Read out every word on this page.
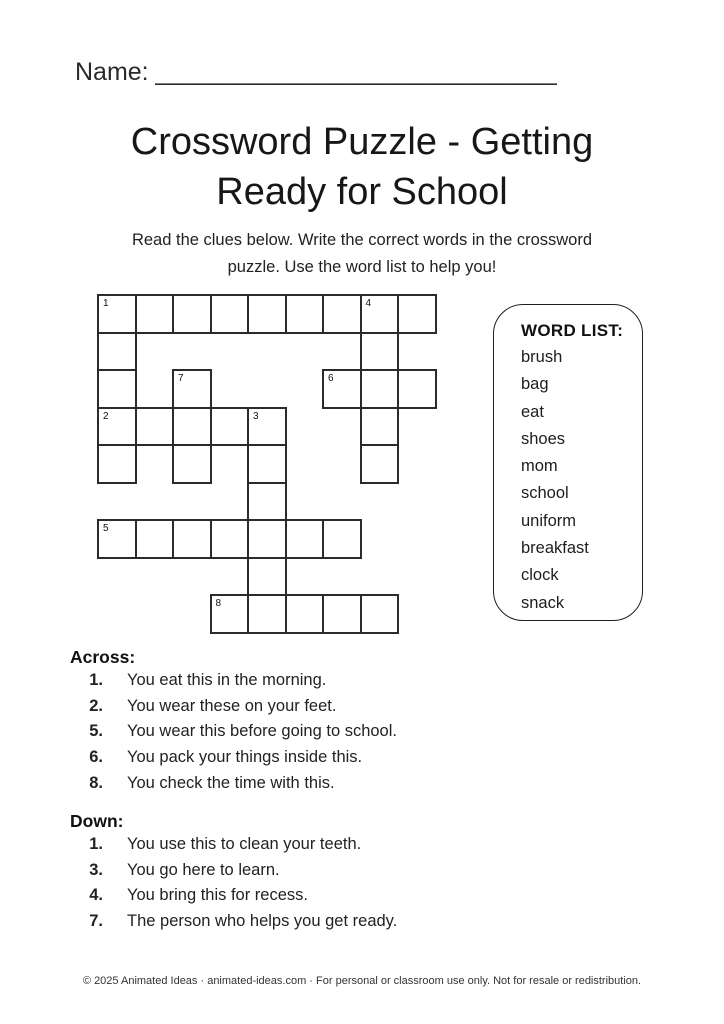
Name: ______________________________
Crossword Puzzle - Getting
Ready for School
Read the clues below. Write the correct words in the crossword
puzzle. Use the word list to help you!
1	4
7	6
2	3
5
8
WORD LIST:
brush
bag
eat
shoes
mom
school
uniform
breakfast
clock
snack
Across:
1. You eat this in the morning.
2. You wear these on your feet.
5. You wear this before going to school.
6. You pack your things inside this.
8. You check the time with this.
Down:
1. You use this to clean your teeth.
3. You go here to learn.
4. You bring this for recess.
7. The person who helps you get ready.
© 2025 Animated Ideas · animated-ideas.com · For personal or classroom use only. Not for resale or redistribution.
